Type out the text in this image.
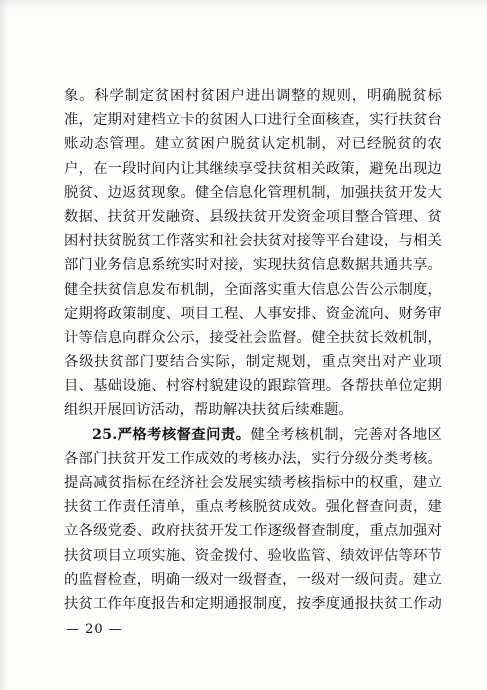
象。科学制定贫困村贫困户进出调整的规则，明确脱贫标
准，定期对建档立卡的贫困人口进行全面核查，实行扶贫台
账动态管理。建立贫困户脱贫认定机制，对已经脱贫的农
户，在一段时间内让其继续享受扶贫相关政策，避免出现边
脱贫、边返贫现象。健全信息化管理机制，加强扶贫开发大
数据、扶贫开发融资、县级扶贫开发资金项目整合管理、贫
困村扶贫脱贫工作落实和社会扶贫对接等平台建设，与相关
部门业务信息系统实时对接，实现扶贫信息数据共通共享。
健全扶贫信息发布机制，全面落实重大信息公告公示制度，
定期将政策制度、项目工程、人事安排、资金流向、财务审
计等信息向群众公示，接受社会监督。健全扶贫长效机制，
各级扶贫部门要结合实际，制定规划，重点突出对产业项
目、基础设施、村容村貌建设的跟踪管理。各帮扶单位定期
组织开展回访活动，帮助解决扶贫后续难题。
25.严格考核督查问责。健全考核机制，完善对各地区
各部门扶贫开发工作成效的考核办法，实行分级分类考核。
提高减贫指标在经济社会发展实绩考核指标中的权重，建立
扶贫工作责任清单，重点考核脱贫成效。强化督查问责，建
立各级党委、政府扶贫开发工作逐级督查制度，重点加强对
扶贫项目立项实施、资金拨付、验收监管、绩效评估等环节
的监督检查，明确一级对一级督查，一级对一级问责。建立
扶贫工作年度报告和定期通报制度，按季度通报扶贫工作动
— 20 —
